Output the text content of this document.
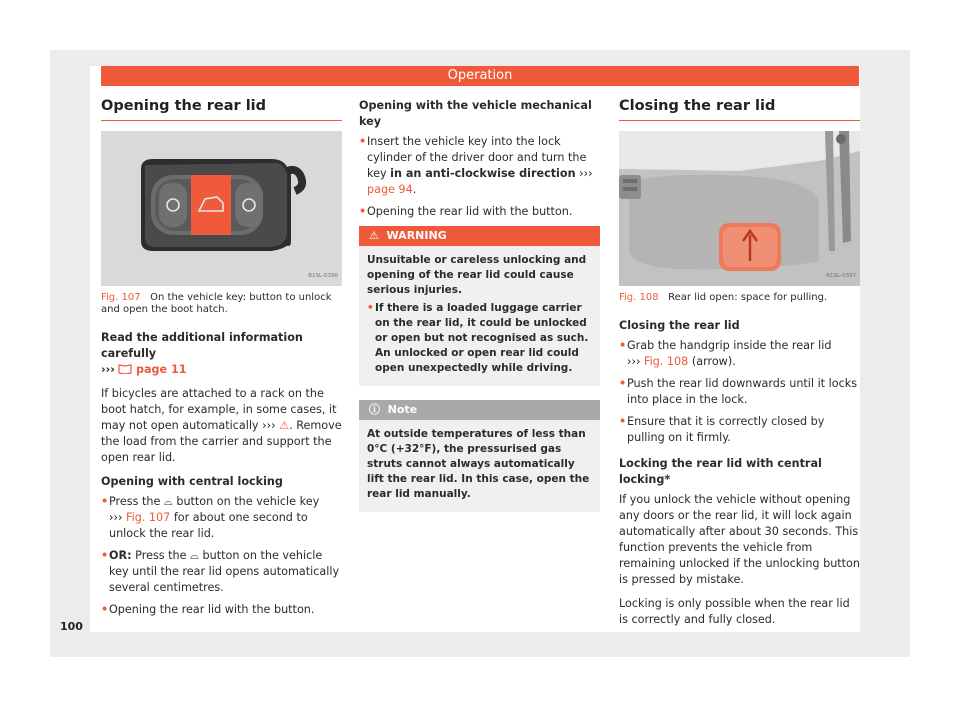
Operation
Opening the rear lid
B1SL-0396
Fig. 107 On the vehicle key: button to unlock and open the boot hatch.

Read the additional information carefully
››› page 11

If bicycles are attached to a rack on the boot hatch, for example, in some cases, it may not open automatically ››› ⚠. Remove the load from the carrier and support the open rear lid.

Opening with central locking

• Press the ⌓ button on the vehicle key
››› Fig. 107 for about one second to unlock the rear lid.
• OR: Press the ⌓ button on the vehicle key until the rear lid opens automatically several centimetres.
• Opening the rear lid with the button.

Opening with the vehicle mechanical key

• Insert the vehicle key into the lock cylinder of the driver door and turn the key in an anti-clockwise direction ››› page 94.
• Opening the rear lid with the button.
⚠ WARNING
Unsuitable or careless unlocking and opening of the rear lid could cause serious injuries.
• If there is a loaded luggage carrier on the rear lid, it could be unlocked or open but not recognised as such. An unlocked or open rear lid could open unexpectedly while driving.
ⓘ Note
At outside temperatures of less than 0°C (+32°F), the pressurised gas struts cannot always automatically lift the rear lid. In this case, open the rear lid manually.
Closing the rear lid
B1SL-0397
Fig. 108 Rear lid open: space for pulling.

Closing the rear lid

• Grab the handgrip inside the rear lid
››› Fig. 108 (arrow).
• Push the rear lid downwards until it locks into place in the lock.
• Ensure that it is correctly closed by pulling on it firmly.

Locking the rear lid with central locking*

If you unlock the vehicle without opening any doors or the rear lid, it will lock again automatically after about 30 seconds. This function prevents the vehicle from remaining unlocked if the unlocking button is pressed by mistake.

Locking is only possible when the rear lid is correctly and fully closed.

100
